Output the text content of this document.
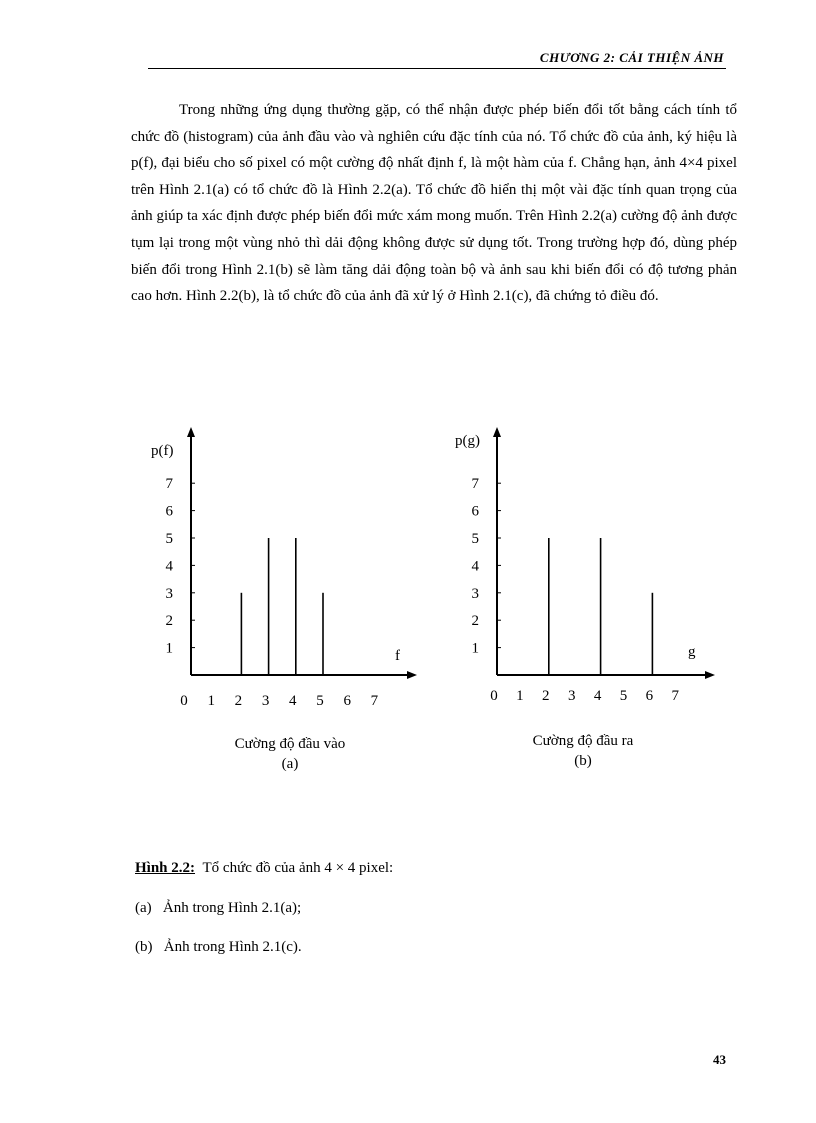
CHƯƠNG 2: CẢI THIỆN ẢNH

Trong những ứng dụng thường gặp, có thể nhận được phép biến đổi tốt bằng cách tính tổ chức đồ (histogram) của ảnh đầu vào và nghiên cứu đặc tính của nó. Tổ chức đồ của ảnh, ký hiệu là p(f), đại biểu cho số pixel có một cường độ nhất định f, là một hàm của f. Chẳng hạn, ảnh 4×4 pixel trên Hình 2.1(a) có tổ chức đồ là Hình 2.2(a). Tổ chức đồ hiển thị một vài đặc tính quan trọng của ảnh giúp ta xác định được phép biến đổi mức xám mong muốn. Trên Hình 2.2(a) cường độ ảnh được tụm lại trong một vùng nhỏ thì dải động không được sử dụng tốt. Trong trường hợp đó, dùng phép biến đổi trong Hình 2.1(b) sẽ làm tăng dải động toàn bộ và ảnh sau khi biến đổi có độ tương phản cao hơn. Hình 2.2(b), là tổ chức đồ của ảnh đã xử lý ở Hình 2.1(c), đã chứng tỏ điều đó.

1
2
3
4
5
6
7
0 1 2 3 4 5 6 7
p(f)
f
Cường độ đầu vào
(a)
1
2
3
4
5
6
7
0 1 2 3 4 5 6 7
p(g)
g
Cường độ đầu ra
(b)
Hình 2.2: Tổ chức đồ của ảnh 4 × 4 pixel:
(a)   Ảnh trong Hình 2.1(a);
(b)   Ảnh trong Hình 2.1(c).
43
